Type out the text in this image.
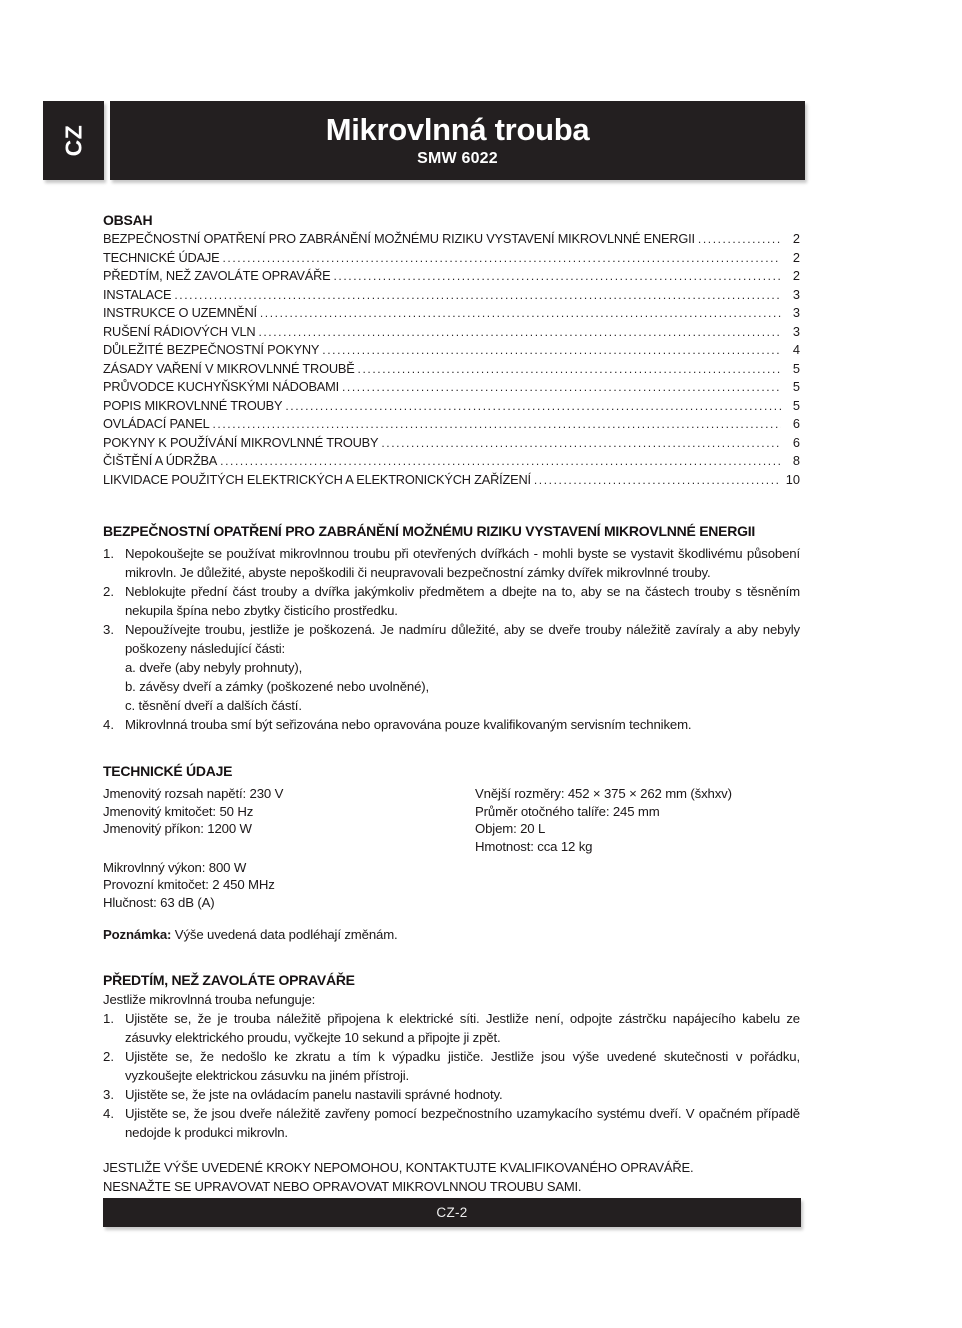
CZ	Mikrovlnná trouba
SMW 6022
OBSAH
BEZPEČNOSTNÍ OPATŘENÍ PRO ZABRÁNĚNÍ MOŽNÉMU RIZIKU VYSTAVENÍ MIKROVLNNÉ ENERGII .....	2
TECHNICKÉ ÚDAJE .....	2
PŘEDTÍM, NEŽ ZAVOLÁTE OPRAVÁŘE .....	2
INSTALACE .....	3
INSTRUKCE O UZEMNĚNÍ .....	3
RUŠENÍ RÁDIOVÝCH VLN .....	3
DŮLEŽITÉ BEZPEČNOSTNÍ POKYNY .....	4
ZÁSADY VAŘENÍ V MIKROVLNNÉ TROUBĚ .....	5
PRŮVODCE KUCHYŇSKÝMI NÁDOBAMI .....	5
POPIS MIKROVLNNÉ TROUBY .....	5
OVLÁDACÍ PANEL .....	6
POKYNY K POUŽÍVÁNÍ MIKROVLNNÉ TROUBY .....	6
ČIŠTĚNÍ A ÚDRŽBA .....	8
LIKVIDACE POUŽITÝCH ELEKTRICKÝCH A ELEKTRONICKÝCH ZAŘÍZENÍ .....	10
BEZPEČNOSTNÍ OPATŘENÍ PRO ZABRÁNĚNÍ MOŽNÉMU RIZIKU VYSTAVENÍ MIKROVLNNÉ ENERGII
1. Nepokoušejte se používat mikrovlnnou troubu při otevřených dvířkách - mohli byste se vystavit škodlivému působení mikrovln. Je důležité, abyste nepoškodili či neupravovali bezpečnostní zámky dvířek mikrovlnné trouby.

2. Neblokujte přední část trouby a dvířka jakýmkoliv předmětem a dbejte na to, aby se na částech trouby s těsněním nekupila špína nebo zbytky čisticího prostředku.

3. Nepoužívejte troubu, jestliže je poškozená. Je nadmíru důležité, aby se dveře trouby náležitě zavíraly a aby nebyly poškozeny následující části:

a. dveře (aby nebyly prohnuty),

b. závěsy dveří a zámky (poškozené nebo uvolněné),

c. těsnění dveří a dalších částí.

4. Mikrovlnná trouba smí být seřizována nebo opravována pouze kvalifikovaným servisním technikem.

TECHNICKÉ ÚDAJE

Jmenovitý rozsah napětí: 230 V

Jmenovitý kmitočet: 50 Hz

Jmenovitý příkon: 1200 W

Mikrovlnný výkon: 800 W

Provozní kmitočet: 2 450 MHz

Hlučnost: 63 dB (A)

Vnější rozměry: 452 × 375 × 262 mm (šxhxv)

Průměr otočného talíře: 245 mm

Objem: 20 L

Hmotnost: cca 12 kg

Poznámka: Výše uvedená data podléhají změnám.

PŘEDTÍM, NEŽ ZAVOLÁTE OPRAVÁŘE

Jestliže mikrovlnná trouba nefunguje:

1. Ujistěte se, že je trouba náležitě připojena k elektrické síti. Jestliže není, odpojte zástrčku napájecího kabelu ze zásuvky elektrického proudu, vyčkejte 10 sekund a připojte ji zpět.

2. Ujistěte se, že nedošlo ke zkratu a tím k výpadku jističe. Jestliže jsou výše uvedené skutečnosti v pořádku, vyzkoušejte elektrickou zásuvku na jiném přístroji.

3. Ujistěte se, že jste na ovládacím panelu nastavili správné hodnoty.

4. Ujistěte se, že jsou dveře náležitě zavřeny pomocí bezpečnostního uzamykacího systému dveří. V opačném případě nedojde k produkci mikrovln.

JESTLIŽE VÝŠE UVEDENÉ KROKY NEPOMOHOU, KONTAKTUJTE KVALIFIKOVANÉHO OPRAVÁŘE.

NESNAŽTE SE UPRAVOVAT NEBO OPRAVOVAT MIKROVLNNOU TROUBU SAMI.

CZ-2
